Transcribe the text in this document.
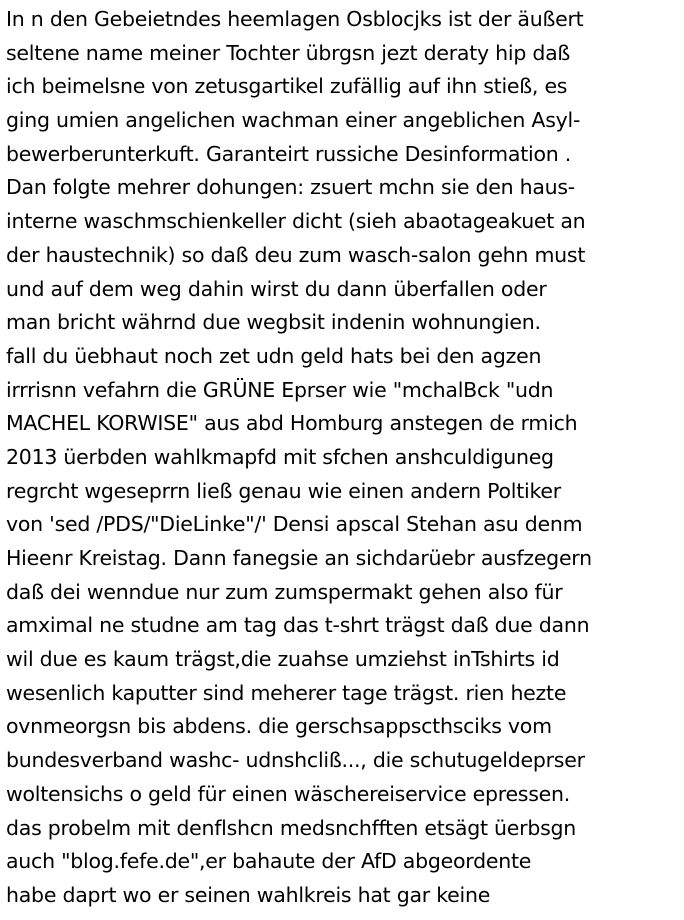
In n den Gebeietndes heemlagen Osblocjks ist der äußert
seltene name meiner Tochter übrgsn jezt deraty hip daß
ich beimelsne von zetusgartikel zufällig auf ihn stieß, es
ging umien angelichen wachman einer angeblichen Asyl-
bewerberunterkuft. Garanteirt russiche Desinformation .
Dan folgte mehrer dohungen: zsuert mchn sie den haus-
interne waschmschienkeller dicht (sieh abaotageakuet an
der haustechnik) so daß deu zum wasch-salon gehn must
und auf dem weg dahin wirst du dann überfallen oder
man bricht währnd due wegbsit indenin wohnungien.
fall du üebhaut noch zet udn geld hats bei den agzen
irrrisnn vefahrn die GRÜNE Eprser wie "mchalBck "udn
MACHEL KORWISE" aus abd Homburg anstegen de rmich
2013 üerbden wahlkmapfd mit sfchen anshculdiguneg
regrcht wgeseprrn ließ genau wie einen andern Poltiker
von 'sed /PDS/"DieLinke"/' Densi apscal Stehan asu denm
Hieenr Kreistag. Dann fanegsie an sichdarüebr ausfzegern
daß dei wenndue nur zum zumspermakt gehen also für
amximal ne studne am tag das t-shrt trägst daß due dann
wil due es kaum trägst,die zuahse umziehst inTshirts id
wesenlich kaputter sind meherer tage trägst. rien hezte
ovnmeorgsn bis abdens. die gerschsappscthsciks vom
bundesverband washc- udnshcliß..., die schutugeldeprser
woltensichs o geld für einen wäschereiservice epressen.
das probelm mit denflshcn medsnchfften etsägt üerbsgn
auch "blog.fefe.de",er bahaute der AfD abgeordente
habe daprt wo er seinen wahlkreis hat gar keine
